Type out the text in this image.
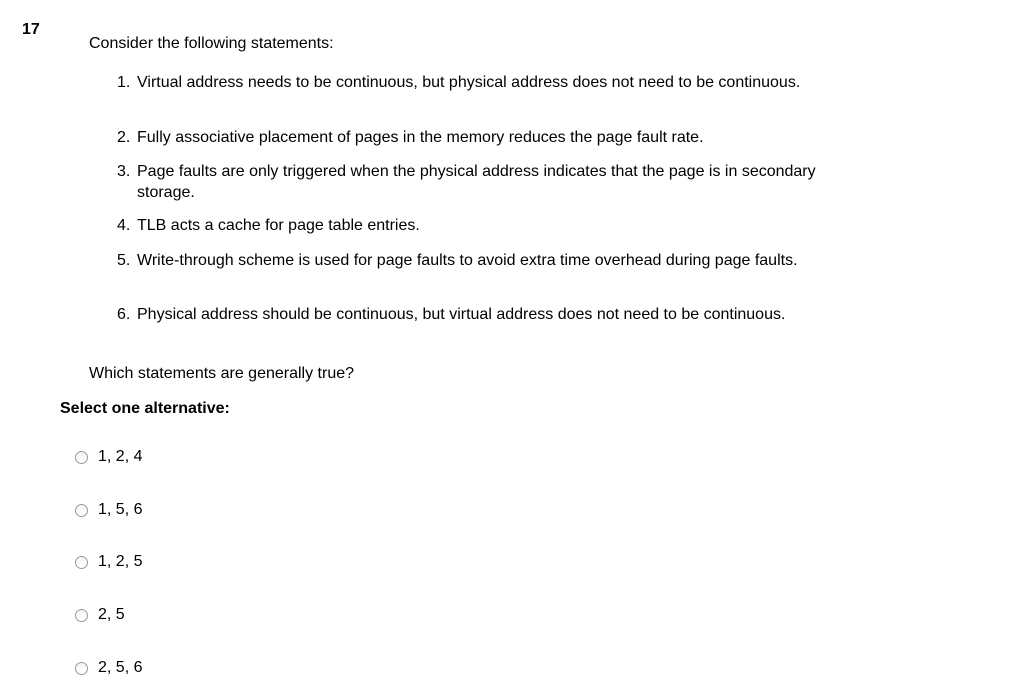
17
Consider the following statements:
1. Virtual address needs to be continuous, but physical address does not need to be continuous.
2. Fully associative placement of pages in the memory reduces the page fault rate.
3. Page faults are only triggered when the physical address indicates that the page is in secondary storage.
4. TLB acts a cache for page table entries.
5. Write-through scheme is used for page faults to avoid extra time overhead during page faults.
6. Physical address should be continuous, but virtual address does not need to be continuous.
Which statements are generally true?
Select one alternative:
1, 2, 4
1, 5, 6
1, 2, 5
2, 5
2, 5, 6
